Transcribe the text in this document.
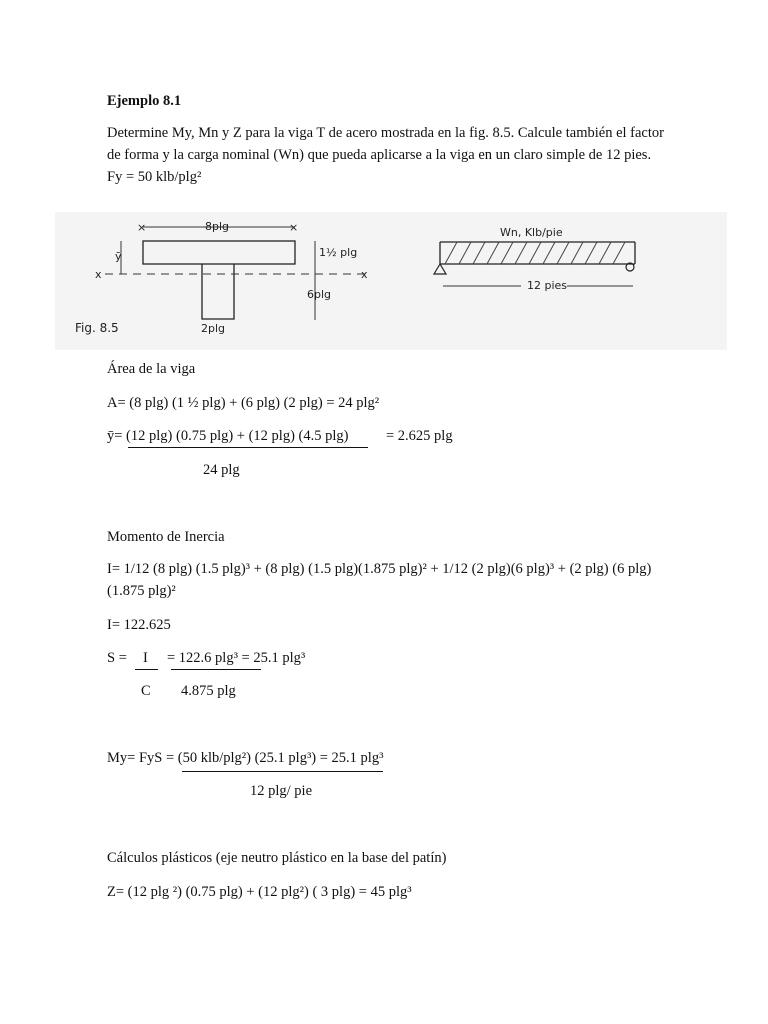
Ejemplo 8.1
Determine My, Mn y Z para la viga T de acero mostrada en la fig. 8.5. Calcule también el factor de forma y la carga nominal (Wn) que pueda aplicarse a la viga en un claro simple de 12 pies. Fy = 50 klb/plg²
×	×
8plg
ȳ
x	x
1½ plg
6plg
2plg
Fig. 8.5
Wn, Klb/pie
12 pies
Área de la viga
A= (8 plg) (1 ½ plg) + (6 plg) (2 plg) = 24 plg²
ȳ= (12 plg) (0.75 plg) + (12 plg) (4.5 plg)	= 2.625 plg
24 plg
Momento de Inercia
I= 1/12 (8 plg) (1.5 plg)³ + (8 plg) (1.5 plg)(1.875 plg)² + 1/12 (2 plg)(6 plg)³ + (2 plg) (6 plg) (1.875 plg)²
I= 122.625
S = I = 122.6 plg³ = 25.1 plg³
C 4.875 plg
My= FyS = (50 klb/plg²) (25.1 plg³) = 25.1 plg³
12 plg/ pie
Cálculos plásticos (eje neutro plástico en la base del patín)
Z= (12 plg ²) (0.75 plg) + (12 plg²) ( 3 plg) = 45 plg³
